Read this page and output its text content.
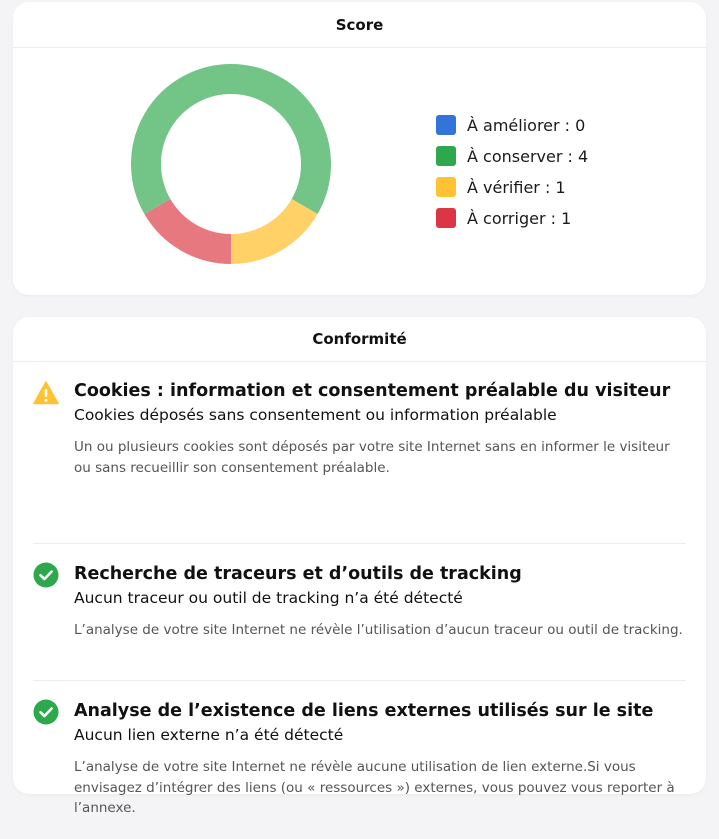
Score
À améliorer : 0
À conserver : 4
À vérifier : 1
À corriger : 1
Conformité
Cookies : information et consentement préalable du visiteur
Cookies déposés sans consentement ou information préalable
Un ou plusieurs cookies sont déposés par votre site Internet sans en informer le visiteur ou sans recueillir son consentement préalable.
Recherche de traceurs et d’outils de tracking
Aucun traceur ou outil de tracking n’a été détecté
L’analyse de votre site Internet ne révèle l’utilisation d’aucun traceur ou outil de tracking.
Analyse de l’existence de liens externes utilisés sur le site
Aucun lien externe n’a été détecté
L’analyse de votre site Internet ne révèle aucune utilisation de lien externe.Si vous envisagez d’intégrer des liens (ou « ressources ») externes, vous pouvez vous reporter à l’annexe.
